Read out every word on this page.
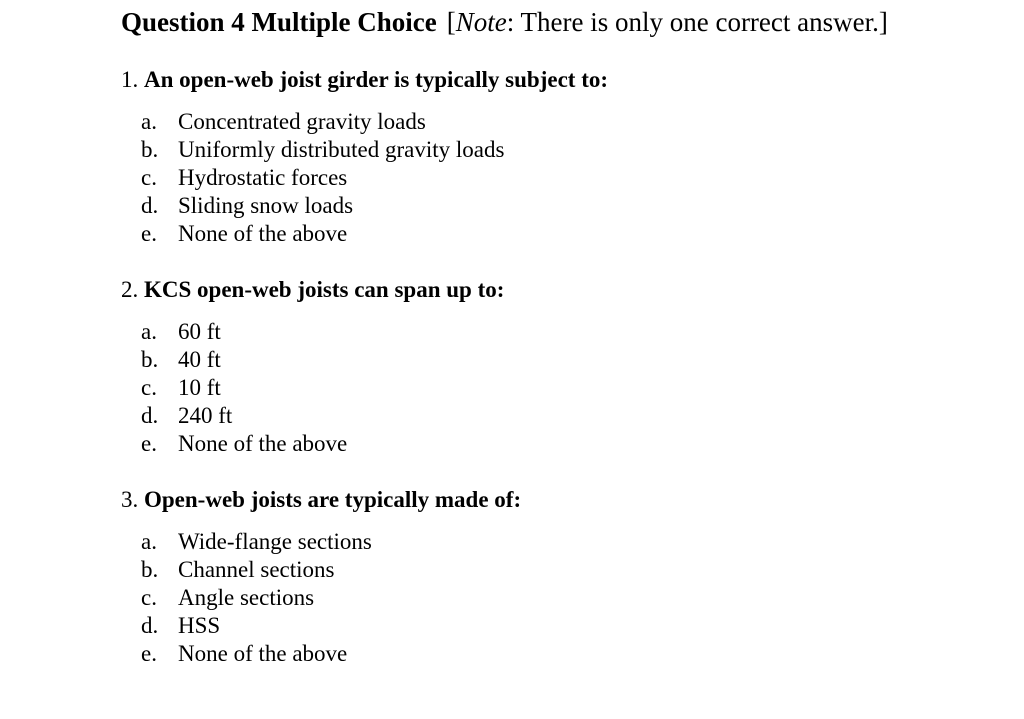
Question 4 Multiple Choice [Note: There is only one correct answer.]
1. An open-web joist girder is typically subject to:
a. Concentrated gravity loads
b. Uniformly distributed gravity loads
c. Hydrostatic forces
d. Sliding snow loads
e. None of the above
2. KCS open-web joists can span up to:
a. 60 ft
b. 40 ft
c. 10 ft
d. 240 ft
e. None of the above
3. Open-web joists are typically made of:
a. Wide-flange sections
b. Channel sections
c. Angle sections
d. HSS
e. None of the above
